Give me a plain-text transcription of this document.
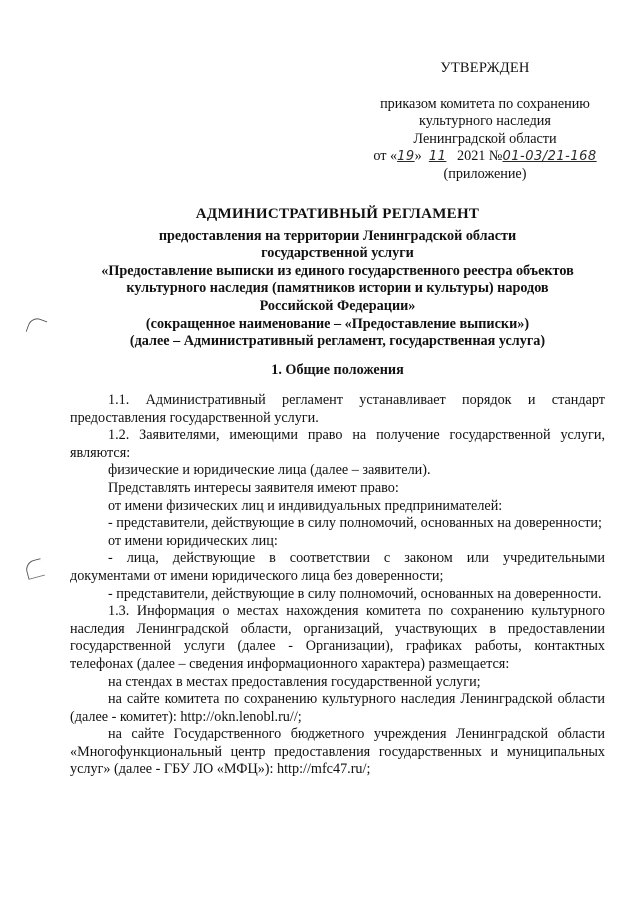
УТВЕРЖДЕН
приказом комитета по сохранению
культурного наследия
Ленинградской области
от «19» 11 2021 №01-03/21-168
(приложение)
АДМИНИСТРАТИВНЫЙ РЕГЛАМЕНТ
предоставления на территории Ленинградской области
государственной услуги
«Предоставление выписки из единого государственного реестра объектов
культурного наследия (памятников истории и культуры) народов
Российской Федерации»
(сокращенное наименование – «Предоставление выписки»)
(далее – Административный регламент, государственная услуга)
1. Общие положения

1.1. Административный регламент устанавливает порядок и стандарт предоставления государственной услуги.

1.2. Заявителями, имеющими право на получение государственной услуги, являются:

физические и юридические лица (далее – заявители).

Представлять интересы заявителя имеют право:

от имени физических лиц и индивидуальных предпринимателей:

- представители, действующие в силу полномочий, основанных на доверенности;

от имени юридических лиц:

- лица, действующие в соответствии с законом или учредительными документами от имени юридического лица без доверенности;

- представители, действующие в силу полномочий, основанных на доверенности.

1.3. Информация о местах нахождения комитета по сохранению культурного наследия Ленинградской области, организаций, участвующих в предоставлении государственной услуги (далее - Организации), графиках работы, контактных телефонах (далее – сведения информационного характера) размещается:

на стендах в местах предоставления государственной услуги;

на сайте комитета по сохранению культурного наследия Ленинградской области (далее - комитет): http://okn.lenobl.ru//;

на сайте Государственного бюджетного учреждения Ленинградской области «Многофункциональный центр предоставления государственных и муниципальных услуг» (далее - ГБУ ЛО «МФЦ»): http://mfc47.ru/;
